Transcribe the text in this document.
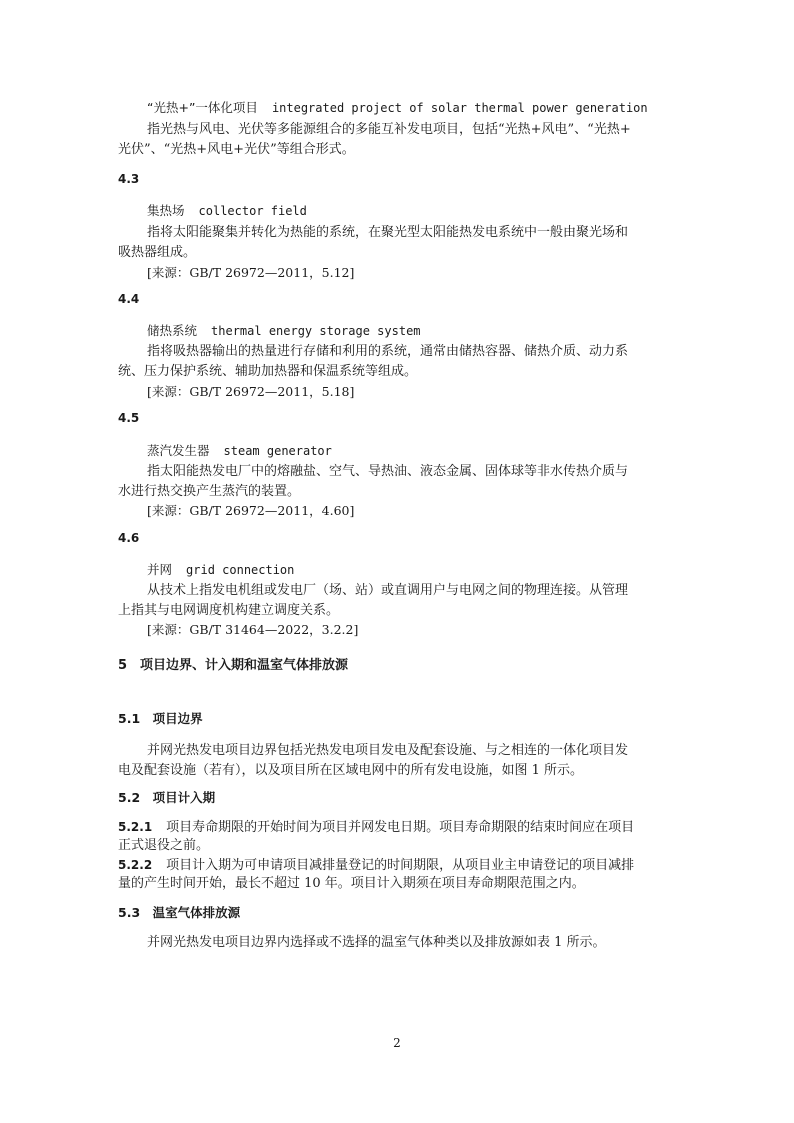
“光热+”一体化项目 integrated project of solar thermal power generation
指光热与风电、光伏等多能源组合的多能互补发电项目，包括“光热+风电”、“光热+
光伏”、“光热+风电+光伏”等组合形式。
4.3
集热场 collector field
指将太阳能聚集并转化为热能的系统，在聚光型太阳能热发电系统中一般由聚光场和
吸热器组成。
[来源：GB/T 26972—2011，5.12]
4.4
储热系统 thermal energy storage system
指将吸热器输出的热量进行存储和利用的系统，通常由储热容器、储热介质、动力系
统、压力保护系统、辅助加热器和保温系统等组成。
[来源：GB/T 26972—2011，5.18]
4.5
蒸汽发生器 steam generator
指太阳能热发电厂中的熔融盐、空气、导热油、液态金属、固体球等非水传热介质与
水进行热交换产生蒸汽的装置。
[来源：GB/T 26972—2011，4.60]
4.6
并网 grid connection
从技术上指发电机组或发电厂（场、站）或直调用户与电网之间的物理连接。从管理
上指其与电网调度机构建立调度关系。
[来源：GB/T 31464—2022，3.2.2]
5　项目边界、计入期和温室气体排放源
5.1　项目边界
并网光热发电项目边界包括光热发电项目发电及配套设施、与之相连的一体化项目发
电及配套设施（若有），以及项目所在区域电网中的所有发电设施，如图 1 所示。
5.2　项目计入期
5.2.1 项目寿命期限的开始时间为项目并网发电日期。项目寿命期限的结束时间应在项目
正式退役之前。
5.2.2 项目计入期为可申请项目减排量登记的时间期限，从项目业主申请登记的项目减排
量的产生时间开始，最长不超过 10 年。项目计入期须在项目寿命期限范围之内。
5.3　温室气体排放源
并网光热发电项目边界内选择或不选择的温室气体种类以及排放源如表 1 所示。
2
